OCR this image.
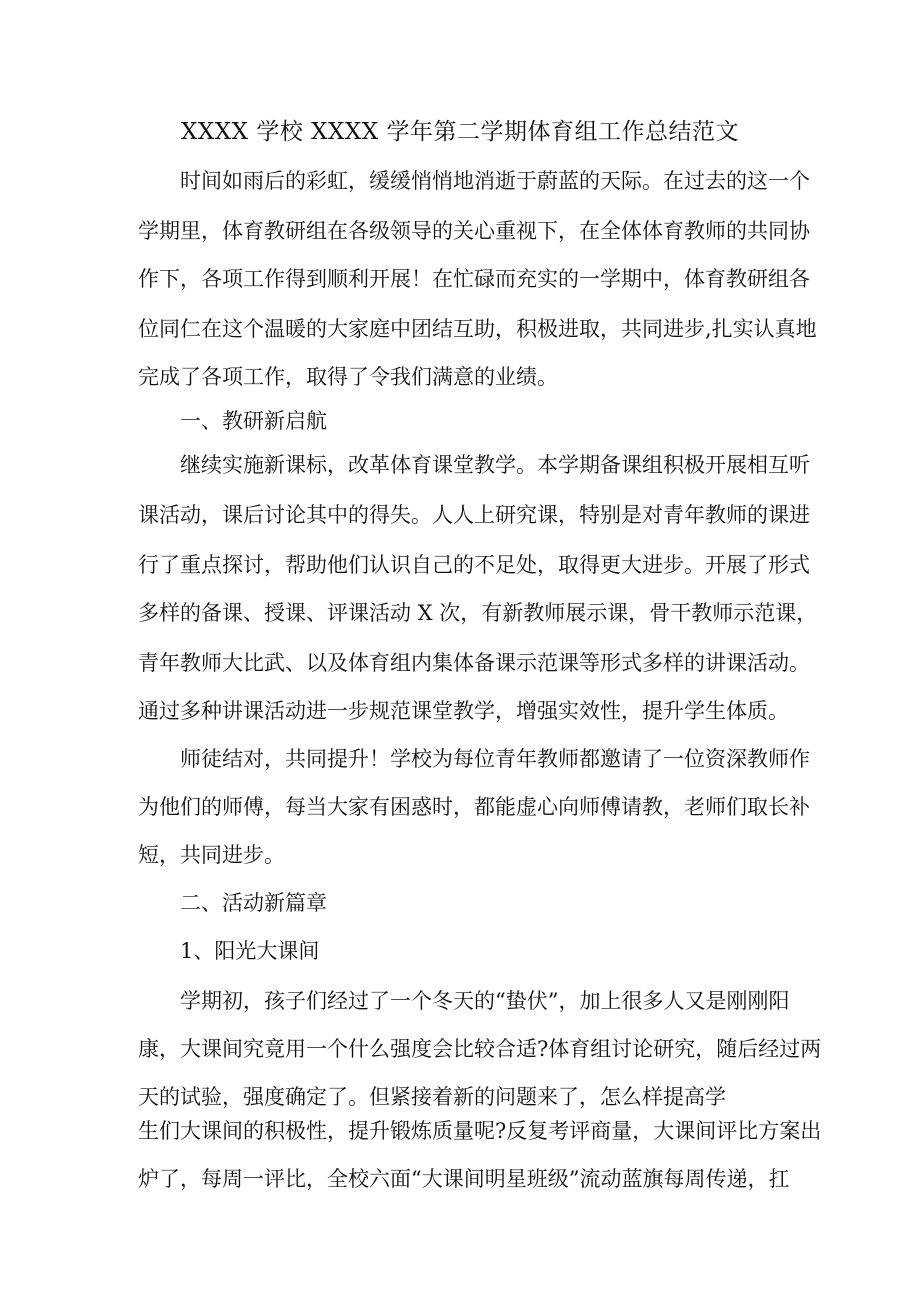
XXXX 学校 XXXX 学年第二学期体育组工作总结范文
时间如雨后的彩虹，缓缓悄悄地消逝于蔚蓝的天际。在过去的这一个
学期里，体育教研组在各级领导的关心重视下，在全体体育教师的共同协
作下，各项工作得到顺利开展！在忙碌而充实的一学期中，体育教研组各
位同仁在这个温暖的大家庭中团结互助，积极进取，共同进步,扎实认真地
完成了各项工作，取得了令我们满意的业绩。
一、教研新启航
继续实施新课标，改革体育课堂教学。本学期备课组积极开展相互听
课活动，课后讨论其中的得失。人人上研究课，特别是对青年教师的课进
行了重点探讨，帮助他们认识自己的不足处，取得更大进步。开展了形式
多样的备课、授课、评课活动 X 次，有新教师展示课，骨干教师示范课，
青年教师大比武、以及体育组内集体备课示范课等形式多样的讲课活动。
通过多种讲课活动进一步规范课堂教学，增强实效性，提升学生体质。
师徒结对，共同提升！学校为每位青年教师都邀请了一位资深教师作
为他们的师傅，每当大家有困惑时，都能虚心向师傅请教，老师们取长补
短，共同进步。
二、活动新篇章
1、阳光大课间
学期初，孩子们经过了一个冬天的“蛰伏”，加上很多人又是刚刚阳
康，大课间究竟用一个什么强度会比较合适?体育组讨论研究，随后经过两
天的试验，强度确定了。但紧接着新的问题来了，怎么样提高学
生们大课间的积极性，提升锻炼质量呢?反复考评商量，大课间评比方案出
炉了，每周一评比，全校六面“大课间明星班级”流动蓝旗每周传递，扛
